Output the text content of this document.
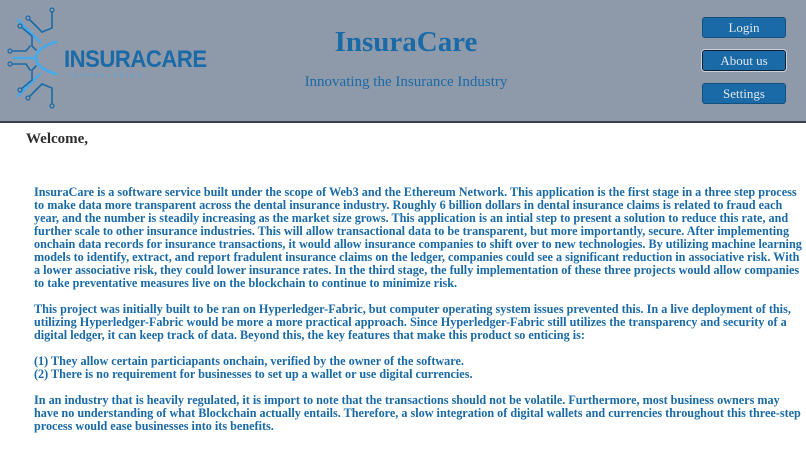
INSURACARE
TECHNOLOGIES
InsuraCare
Innovating the Insurance Industry
Login
About us
Settings
Welcome,

InsuraCare is a software service built under the scope of Web3 and the Ethereum Network. This application is the first stage in a three step process to make data more transparent across the dental insurance industry. Roughly 6 billion dollars in dental insurance claims is related to fraud each year, and the number is steadily increasing as the market size grows. This application is an intial step to present a solution to reduce this rate, and further scale to other insurance industries. This will allow transactional data to be transparent, but more importantly, secure. After implementing onchain data records for insurance transactions, it would allow insurance companies to shift over to new technologies. By utilizing machine learning models to identify, extract, and report fradulent insurance claims on the ledger, companies could see a significant reduction in associative risk. With a lower associative risk, they could lower insurance rates. In the third stage, the fully implementation of these three projects would allow companies to take preventative measures live on the blockchain to continue to minimize risk.

This project was initially built to be ran on Hyperledger-Fabric, but computer operating system issues prevented this. In a live deployment of this, utilizing Hyperledger-Fabric would be more a more practical approach. Since Hyperledger-Fabric still utilizes the transparency and security of a digital ledger, it can keep track of data. Beyond this, the key features that make this product so enticing is:

(1) They allow certain particiapants onchain, verified by the owner of the software.
(2) There is no requirement for businesses to set up a wallet or use digital currencies.

In an industry that is heavily regulated, it is import to note that the transactions should not be volatile. Furthermore, most business owners may have no understanding of what Blockchain actually entails. Therefore, a slow integration of digital wallets and currencies throughout this three-step process would ease businesses into its benefits.
